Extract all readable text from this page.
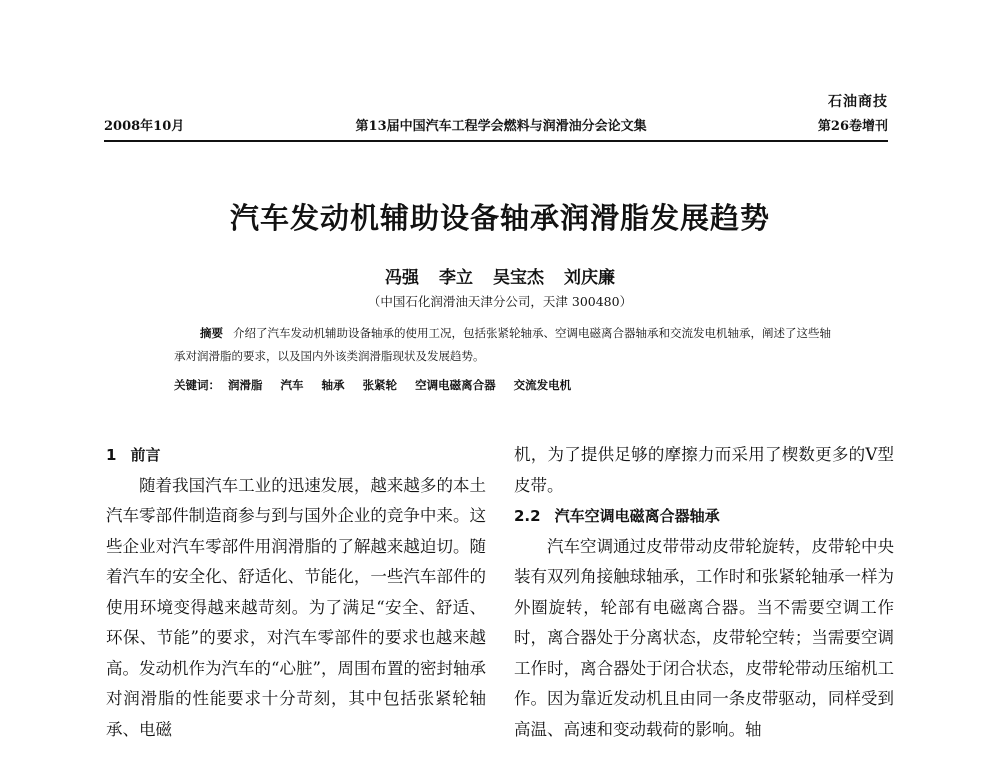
石油商技
2008年10月	第13届中国汽车工程学会燃料与润滑油分会论文集	第26卷增刊
汽车发动机辅助设备轴承润滑脂发展趋势
冯强 李立 吴宝杰 刘庆廉
（中国石化润滑油天津分公司，天津 300480）
摘要 介绍了汽车发动机辅助设备轴承的使用工况，包括张紧轮轴承、空调电磁离合器轴承和交流发电机轴承，阐述了这些轴承对润滑脂的要求，以及国内外该类润滑脂现状及发展趋势。
关键词： 润滑脂 汽车 轴承 张紧轮 空调电磁离合器 交流发电机
1 前言

随着我国汽车工业的迅速发展，越来越多的本土汽车零部件制造商参与到与国外企业的竞争中来。这些企业对汽车零部件用润滑脂的了解越来越迫切。随着汽车的安全化、舒适化、节能化，一些汽车部件的使用环境变得越来越苛刻。为了满足“安全、舒适、环保、节能”的要求，对汽车零部件的要求也越来越高。发动机作为汽车的“心脏”，周围布置的密封轴承对润滑脂的性能要求十分苛刻，其中包括张紧轮轴承、电磁

机，为了提供足够的摩擦力而采用了楔数更多的V型皮带。

2.2 汽车空调电磁离合器轴承

汽车空调通过皮带带动皮带轮旋转，皮带轮中央装有双列角接触球轴承，工作时和张紧轮轴承一样为外圈旋转，轮部有电磁离合器。当不需要空调工作时，离合器处于分离状态，皮带轮空转；当需要空调工作时，离合器处于闭合状态，皮带轮带动压缩机工作。因为靠近发动机且由同一条皮带驱动，同样受到高温、高速和变动载荷的影响。轴
